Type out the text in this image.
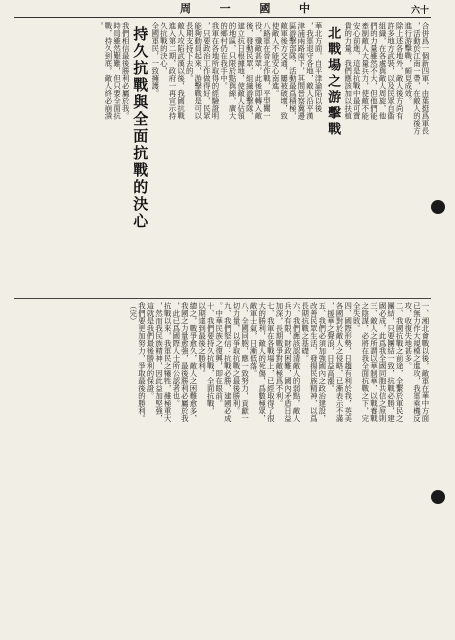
周	一	國	中	六十
合併爲一個新四軍，由葉挺爲軍長
，活動於江南一帶，在敵人的後方
進行游擊戰，頗見成效。
除上述各地外，敵人後方尚有
許多地方武裝，以及民眾自衞
組織，在各處與敵人周旋，他
們的力量雖然不大，但他們能
牽制敵人大量兵力，使敵不能
安心前進，這是抗戰中最可寶
貴的力量。我們應該加以扶植
北戰場之游擊戰
華北方面，自平津淪陷以後
，我軍退守各地，敵人沿平漢
津浦兩路南下，其間晉察冀邊
區游擊部隊，活動最爲積極，
敵軍後方交通，屢被破壞，致
使敵人不能安心南進。
八路軍在晉北作戰，平型關一
役，殲敵甚眾，此後即轉入敵
後，發動民眾，組織游擊隊，
建立抗日根據地，使敵人佔領
的地區，只限於點與線，廣大
的鄉村仍在我手中。
我軍在各地所取得的經驗證明
，只要政治工作做得好，民眾
能夠動員起來，游擊戰是可以
長期支持下去的。
敵人攻陷武漢以後，我國抗戰
進入第二期，政府一再宣示持
久抗戰的決心，
全國軍民，一致擁護。
持久抗戰與全面抗戰的決心
我們相信最後勝利必屬於我。
時局雖然艱難，但只要全面抗
戰，持久到底，敵人終必崩潰
。
一、湘北會戰以後，敵軍在華中方面
已無力作大規模之進攻，我軍乘機反
攻，收復失地甚多。
二、我國抗戰之前途，全繫於軍民之
團結，只要團結一致，抗戰必勝，建
國必成，此爲我全國同胞共信之原則
三、敵人之所謂以華制華，以戰養戰
之陰謀，必將在我全面抗戰之下，完
全失敗。
四、國際形勢，日趨有利於我，英美
各國對於敵人之侵略，已漸表示不滿
，援華之聲浪，日益高漲。
五、我們必須加強國內之政治建設，
改善民眾生活，發揚民族精神，以爲
長期抗戰之基礎。
六、我們應該認清敵人的弱點，敵人
兵力有限，財政困難，國內矛盾日益
加深，長期戰爭對敵極爲不利。
七、我軍在各戰場上，已經取得了很
大的勝利，敵人的死傷，爲數極眾，
敵軍士氣，日漸低落。
八、全國同胞，應一致努力，貢獻一
切力量，以爭取抗戰之最後勝利。
九、我們堅信：抗戰必勝，建國必成
。中華民族之復興，即在眼前。
十、我們要持久抗戰，全面抗戰，
以期達到最後之勝利。
總之，戰爭愈久，敵人之困難愈多，
我國之力量愈強，最後勝利必屬於我
，此已爲國際人士所公認者也。
抗戰以來，我軍民之犧牲，雖極重大
，然而我民族精神，因此益加堅強，
這就是我們最後勝利的保證。
我們要更加努力，爭取最後的勝利。
（完）
